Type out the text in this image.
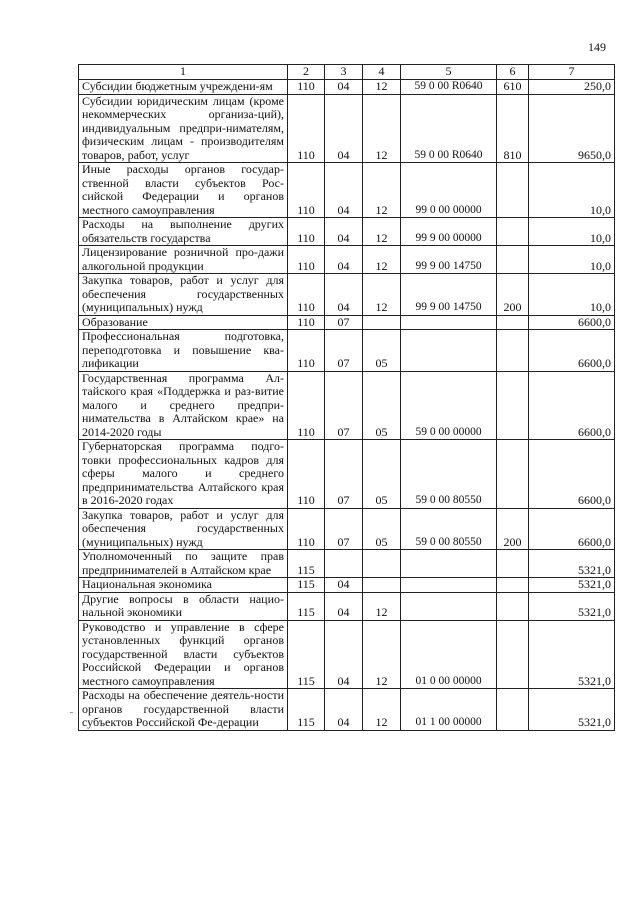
149
1	2	3	4	5	6	7
Субсидии бюджетным учреждени-ям	110	04	12	59 0 00 R0640	610	250,0
Субсидии юридическим лицам (кроме некоммерческих организа-ций), индивидуальным предпри-нимателям, физическим лицам - производителям товаров, работ, услуг	110	04	12	59 0 00 R0640	810	9650,0
Иные расходы органов государ-ственной власти субъектов Рос-сийской Федерации и органов местного самоуправления	110	04	12	99 0 00 00000		10,0
Расходы на выполнение других обязательств государства	110	04	12	99 9 00 00000		10,0
Лицензирование розничной про-дажи алкогольной продукции	110	04	12	99 9 00 14750		10,0
Закупка товаров, работ и услуг для обеспечения государственных (муниципальных) нужд	110	04	12	99 9 00 14750	200	10,0
Образование	110	07				6600,0
Профессиональная подготовка, переподготовка и повышение ква-лификации	110	07	05			6600,0
Государственная программа Ал-тайского края «Поддержка и раз-витие малого и среднего предпри-нимательства в Алтайском крае» на 2014-2020 годы	110	07	05	59 0 00 00000		6600,0
Губернаторская программа подго-товки профессиональных кадров для сферы малого и среднего предпринимательства Алтайского края в 2016-2020 годах	110	07	05	59 0 00 80550		6600,0
Закупка товаров, работ и услуг для обеспечения государственных (муниципальных) нужд	110	07	05	59 0 00 80550	200	6600,0
Уполномоченный по защите прав предпринимателей в Алтайском крае	115					5321,0
Национальная экономика	115	04				5321,0
Другие вопросы в области нацио-нальной экономики	115	04	12			5321,0
Руководство и управление в сфере установленных функций органов государственной власти субъектов Российской Федерации и органов местного самоуправления	115	04	12	01 0 00 00000		5321,0
Расходы на обеспечение деятель-ности органов государственной власти субъектов Российской Фе-дерации	115	04	12	01 1 00 00000		5321,0
